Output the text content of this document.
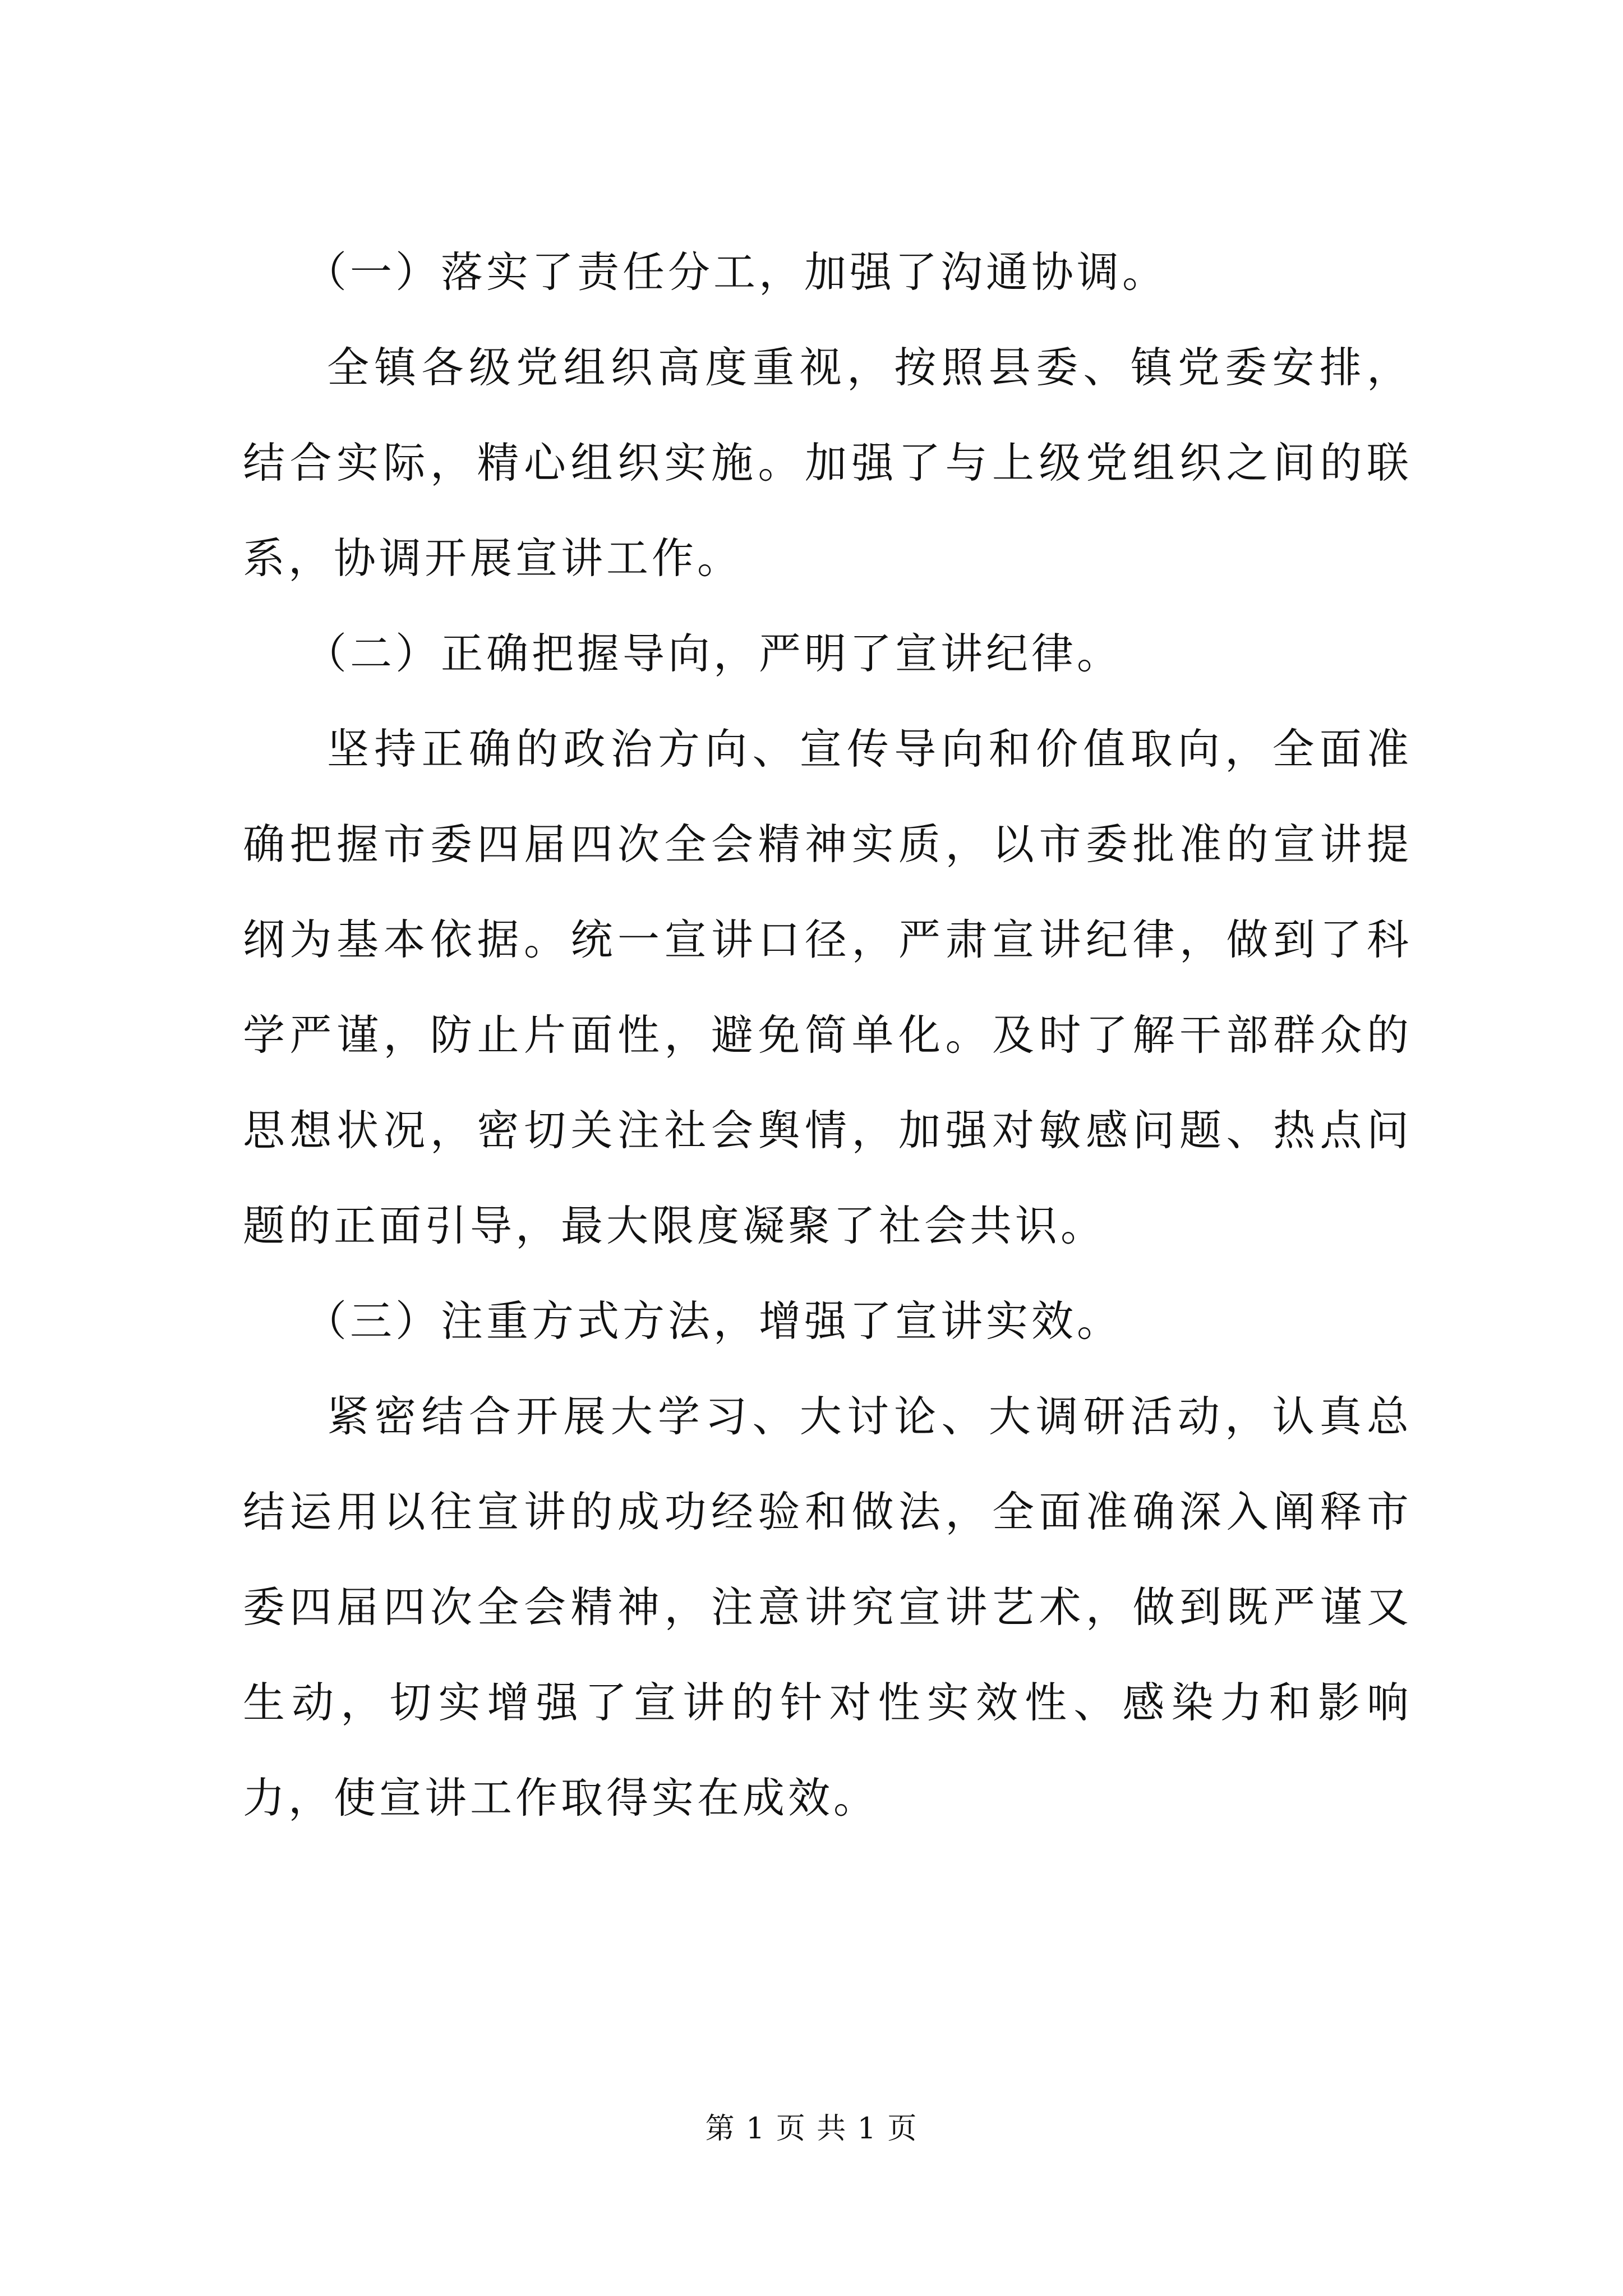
（一）落实了责任分工，加强了沟通协调。

全镇各级党组织高度重视，按照县委、镇党委安排，结合实际，精心组织实施。加强了与上级党组织之间的联系，协调开展宣讲工作。

（二）正确把握导向，严明了宣讲纪律。

坚持正确的政治方向、宣传导向和价值取向，全面准确把握市委四届四次全会精神实质，以市委批准的宣讲提纲为基本依据。统一宣讲口径，严肃宣讲纪律，做到了科学严谨，防止片面性，避免简单化。及时了解干部群众的思想状况，密切关注社会舆情，加强对敏感问题、热点问题的正面引导，最大限度凝聚了社会共识。

（三）注重方式方法，增强了宣讲实效。

紧密结合开展大学习、大讨论、大调研活动，认真总结运用以往宣讲的成功经验和做法，全面准确深入阐释市委四届四次全会精神，注意讲究宣讲艺术，做到既严谨又生动，切实增强了宣讲的针对性实效性、感染力和影响力，使宣讲工作取得实在成效。

第 1 页 共 1 页
